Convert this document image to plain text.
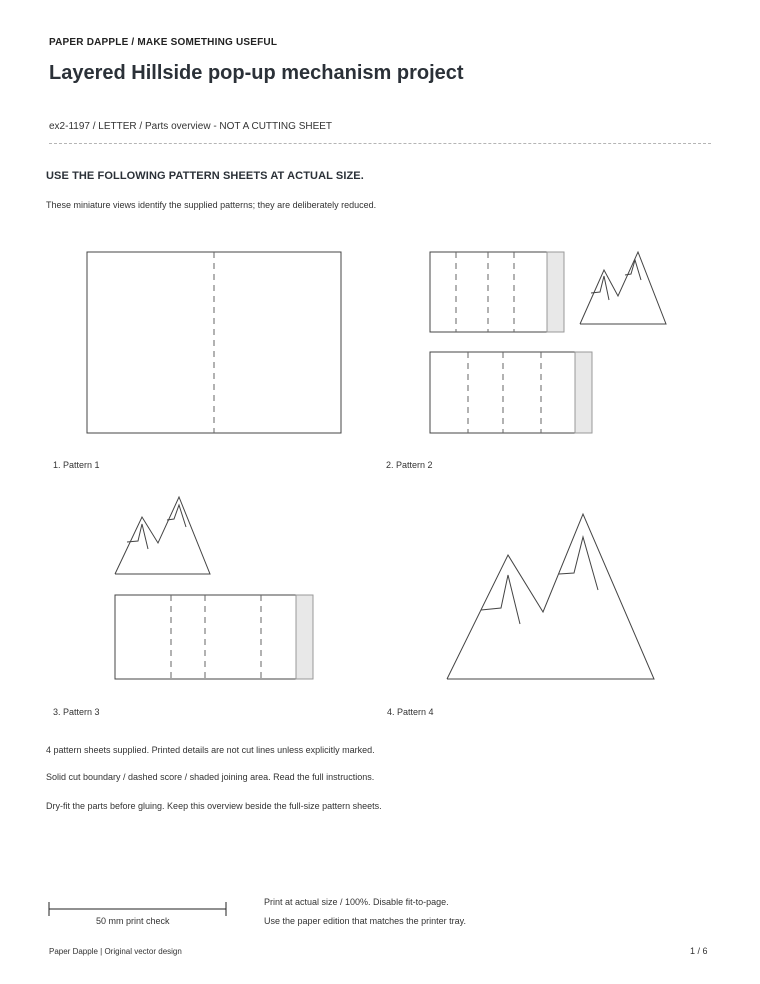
PAPER DAPPLE / MAKE SOMETHING USEFUL
Layered Hillside pop-up mechanism project
ex2-1197 / LETTER / Parts overview - NOT A CUTTING SHEET
USE THE FOLLOWING PATTERN SHEETS AT ACTUAL SIZE.
These miniature views identify the supplied patterns; they are deliberately reduced.
1. Pattern 1	2. Pattern 2
3. Pattern 3	4. Pattern 4
4 pattern sheets supplied. Printed details are not cut lines unless explicitly marked.
Solid cut boundary / dashed score / shaded joining area. Read the full instructions.
Dry-fit the parts before gluing. Keep this overview beside the full-size pattern sheets.
50 mm print check
Print at actual size / 100%. Disable fit-to-page.
Use the paper edition that matches the printer tray.
Paper Dapple | Original vector design	1 / 6
